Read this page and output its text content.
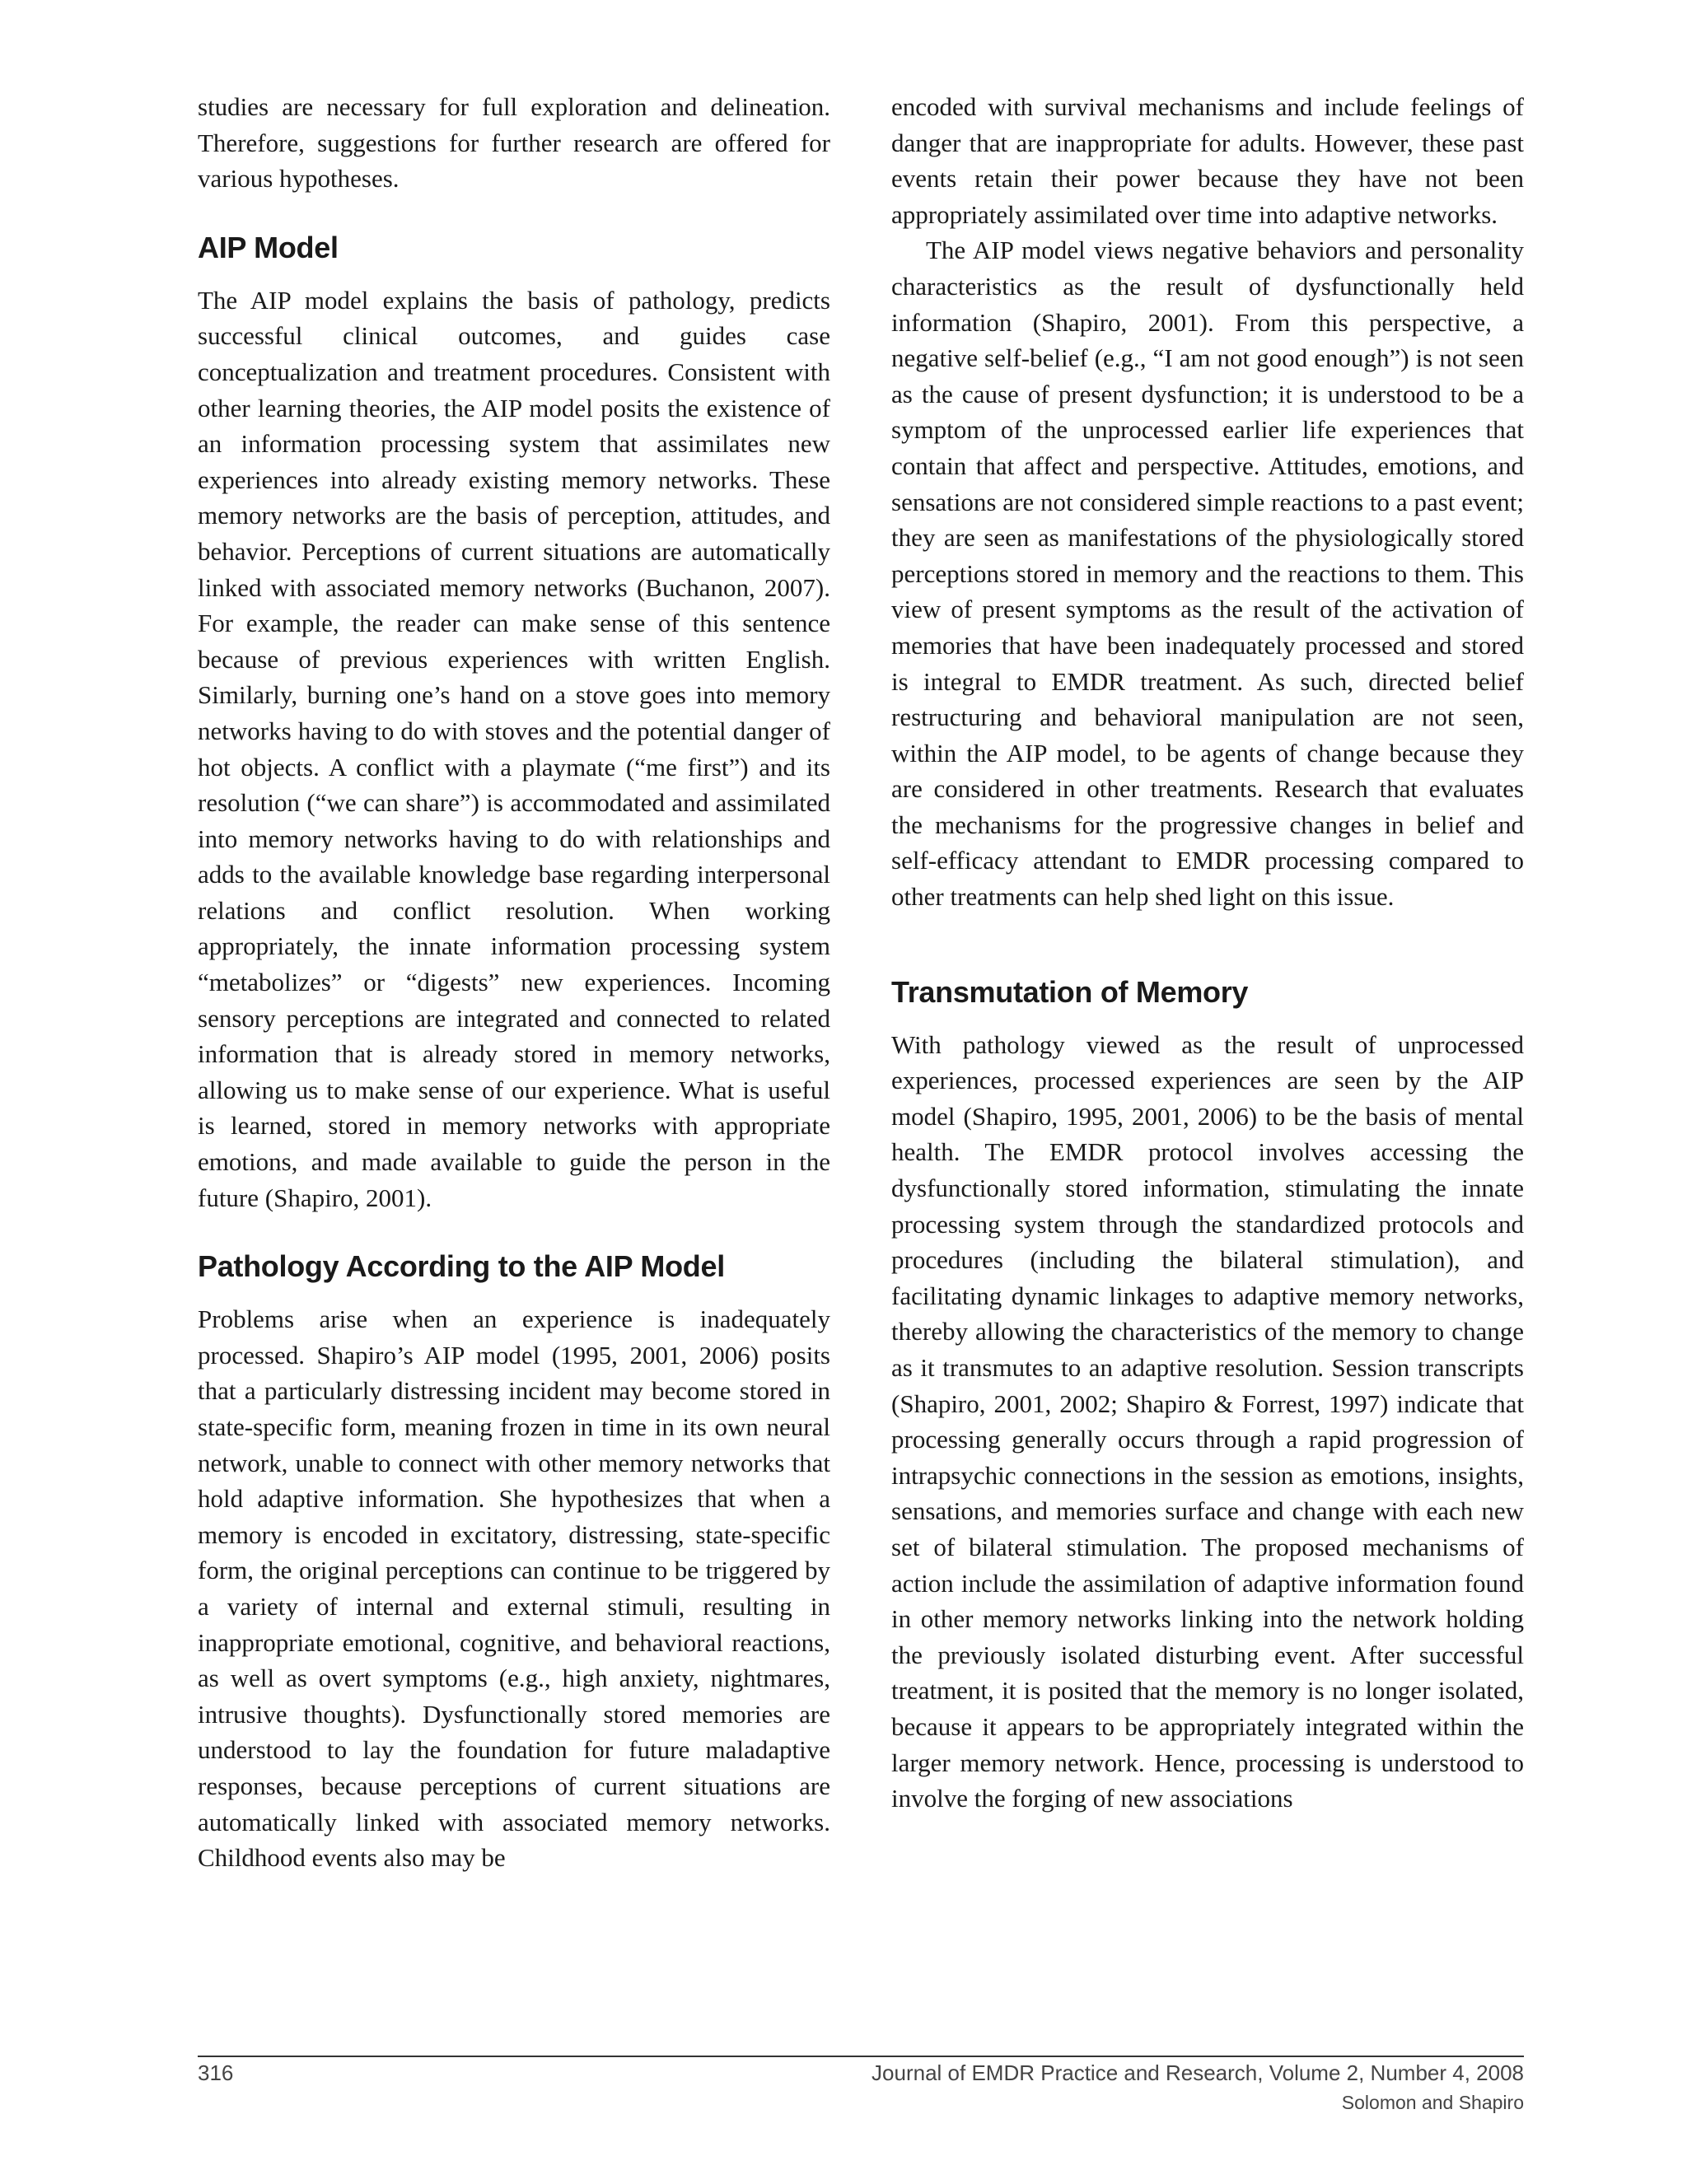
studies are necessary for full exploration and delineation. Therefore, suggestions for further research are offered for various hypotheses.

AIP Model

The AIP model explains the basis of pathology, predicts successful clinical outcomes, and guides case conceptualization and treatment procedures. Consistent with other learning theories, the AIP model posits the existence of an information processing system that assimilates new experiences into already existing memory networks. These memory networks are the basis of perception, attitudes, and behavior. Perceptions of current situations are automatically linked with associated memory networks (Buchanon, 2007). For example, the reader can make sense of this sentence because of previous experiences with written English. Similarly, burning one’s hand on a stove goes into memory networks having to do with stoves and the potential danger of hot objects. A conflict with a playmate (“me first”) and its resolution (“we can share”) is accommodated and assimilated into memory networks having to do with relationships and adds to the available knowledge base regarding interpersonal relations and conflict resolution. When working appropriately, the innate information processing system “metabolizes” or “digests” new experiences. Incoming sensory perceptions are integrated and connected to related information that is already stored in memory networks, allowing us to make sense of our experience. What is useful is learned, stored in memory networks with appropriate emotions, and made available to guide the person in the future (Shapiro, 2001).

Pathology According to the AIP Model

Problems arise when an experience is inadequately processed. Shapiro’s AIP model (1995, 2001, 2006) posits that a particularly distressing incident may become stored in state-specific form, meaning frozen in time in its own neural network, unable to connect with other memory networks that hold adaptive information. She hypothesizes that when a memory is encoded in excitatory, distressing, state-specific form, the original perceptions can continue to be triggered by a variety of internal and external stimuli, resulting in inappropriate emotional, cognitive, and behavioral reactions, as well as overt symptoms (e.g., high anxiety, nightmares, intrusive thoughts). Dysfunctionally stored memories are understood to lay the foundation for future maladaptive responses, because perceptions of current situations are automatically linked with associated memory networks. Childhood events also may be

encoded with survival mechanisms and include feelings of danger that are inappropriate for adults. However, these past events retain their power because they have not been appropriately assimilated over time into adaptive networks.

The AIP model views negative behaviors and personality characteristics as the result of dysfunctionally held information (Shapiro, 2001). From this perspective, a negative self-belief (e.g., “I am not good enough”) is not seen as the cause of present dysfunction; it is understood to be a symptom of the unprocessed earlier life experiences that contain that affect and perspective. Attitudes, emotions, and sensations are not considered simple reactions to a past event; they are seen as manifestations of the physiologically stored perceptions stored in memory and the reactions to them. This view of present symptoms as the result of the activation of memories that have been inadequately processed and stored is integral to EMDR treatment. As such, directed belief restructuring and behavioral manipulation are not seen, within the AIP model, to be agents of change because they are considered in other treatments. Research that evaluates the mechanisms for the progressive changes in belief and self-efficacy attendant to EMDR processing compared to other treatments can help shed light on this issue.

Transmutation of Memory

With pathology viewed as the result of unprocessed experiences, processed experiences are seen by the AIP model (Shapiro, 1995, 2001, 2006) to be the basis of mental health. The EMDR protocol involves accessing the dysfunctionally stored information, stimulating the innate processing system through the standardized protocols and procedures (including the bilateral stimulation), and facilitating dynamic linkages to adaptive memory networks, thereby allowing the characteristics of the memory to change as it transmutes to an adaptive resolution. Session transcripts (Shapiro, 2001, 2002; Shapiro & Forrest, 1997) indicate that processing generally occurs through a rapid progression of intrapsychic connections in the session as emotions, insights, sensations, and memories surface and change with each new set of bilateral stimulation. The proposed mechanisms of action include the assimilation of adaptive information found in other memory networks linking into the network holding the previously isolated disturbing event. After successful treatment, it is posited that the memory is no longer isolated, because it appears to be appropriately integrated within the larger memory network. Hence, processing is understood to involve the forging of new associations

316	Journal of EMDR Practice and Research, Volume 2, Number 4, 2008
Solomon and Shapiro
